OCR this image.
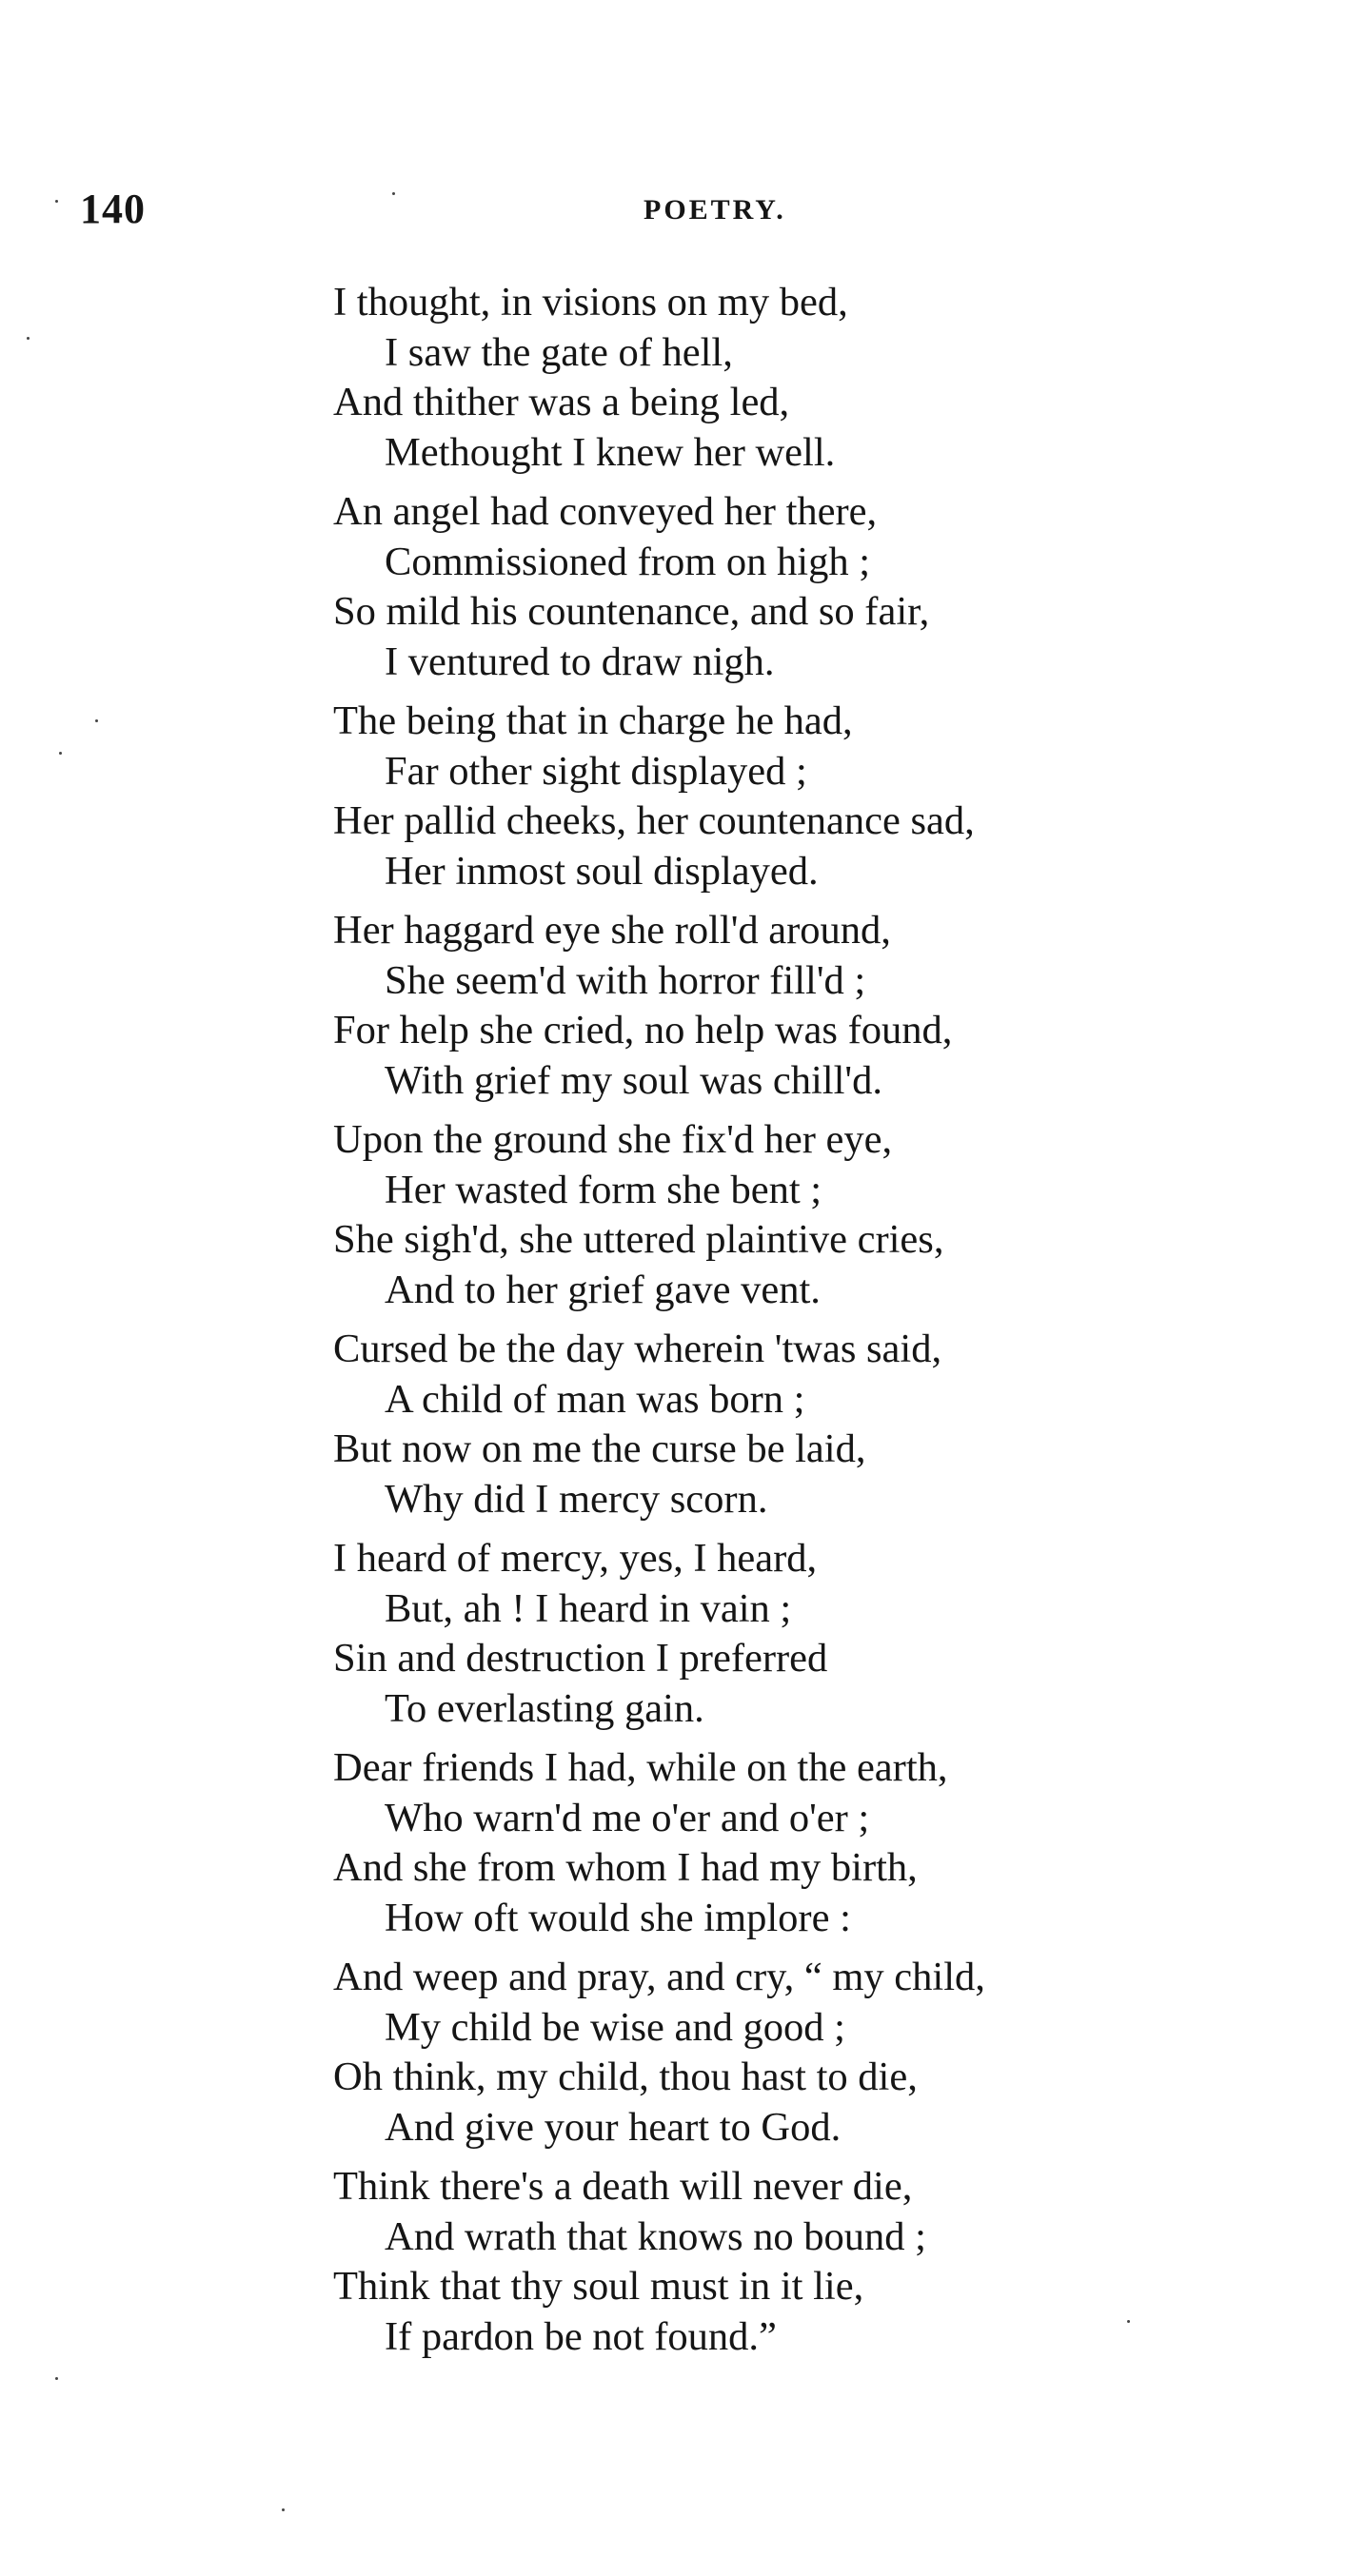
140	POETRY.
I thought, in visions on my bed,
I saw the gate of hell,
And thither was a being led,
Methought I knew her well.
An angel had conveyed her there,
Commissioned from on high ;
So mild his countenance, and so fair,
I ventured to draw nigh.
The being that in charge he had,
Far other sight displayed ;
Her pallid cheeks, her countenance sad,
Her inmost soul displayed.
Her haggard eye she roll'd around,
She seem'd with horror fill'd ;
For help she cried, no help was found,
With grief my soul was chill'd.
Upon the ground she fix'd her eye,
Her wasted form she bent ;
She sigh'd, she uttered plaintive cries,
And to her grief gave vent.
Cursed be the day wherein 'twas said,
A child of man was born ;
But now on me the curse be laid,
Why did I mercy scorn.
I heard of mercy, yes, I heard,
But, ah ! I heard in vain ;
Sin and destruction I preferred
To everlasting gain.
Dear friends I had, while on the earth,
Who warn'd me o'er and o'er ;
And she from whom I had my birth,
How oft would she implore :
And weep and pray, and cry, “ my child,
My child be wise and good ;
Oh think, my child, thou hast to die,
And give your heart to God.
Think there's a death will never die,
And wrath that knows no bound ;
Think that thy soul must in it lie,
If pardon be not found.”
